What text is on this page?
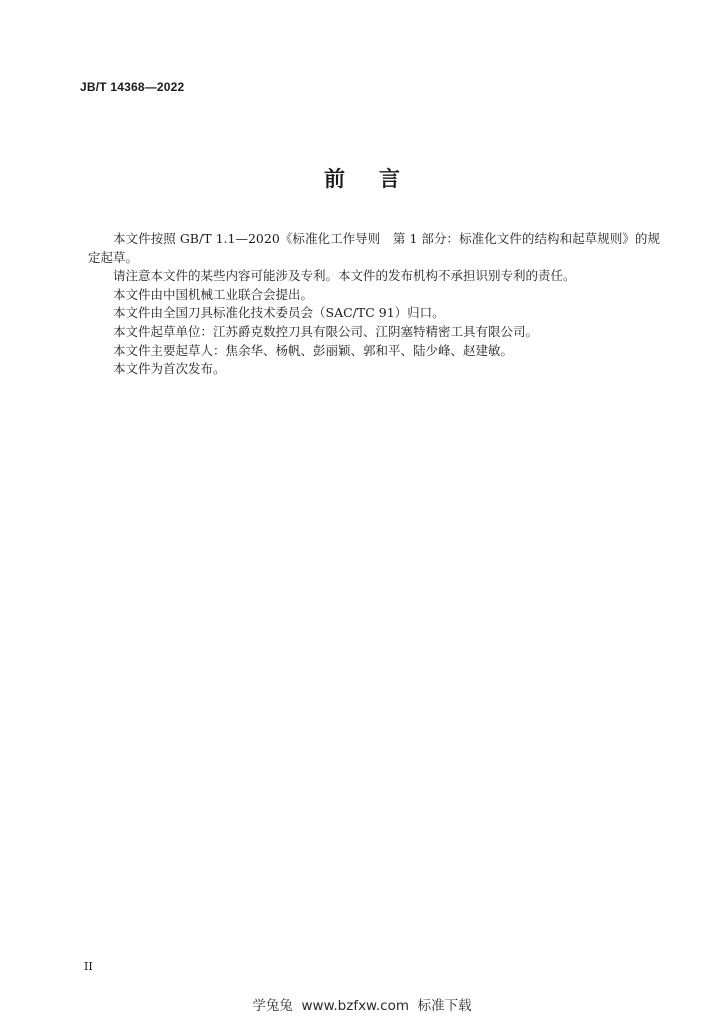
JB/T 14368—2022
前言

本文件按照 GB/T 1.1—2020《标准化工作导则　第 1 部分：标准化文件的结构和起草规则》的规定起草。

请注意本文件的某些内容可能涉及专利。本文件的发布机构不承担识别专利的责任。

本文件由中国机械工业联合会提出。

本文件由全国刀具标准化技术委员会（SAC/TC 91）归口。

本文件起草单位：江苏爵克数控刀具有限公司、江阴塞特精密工具有限公司。

本文件主要起草人：焦余华、杨帆、彭丽颖、郭和平、陆少峰、赵建敏。

本文件为首次发布。

II
学兔兔  www.bzfxw.com  标准下载
